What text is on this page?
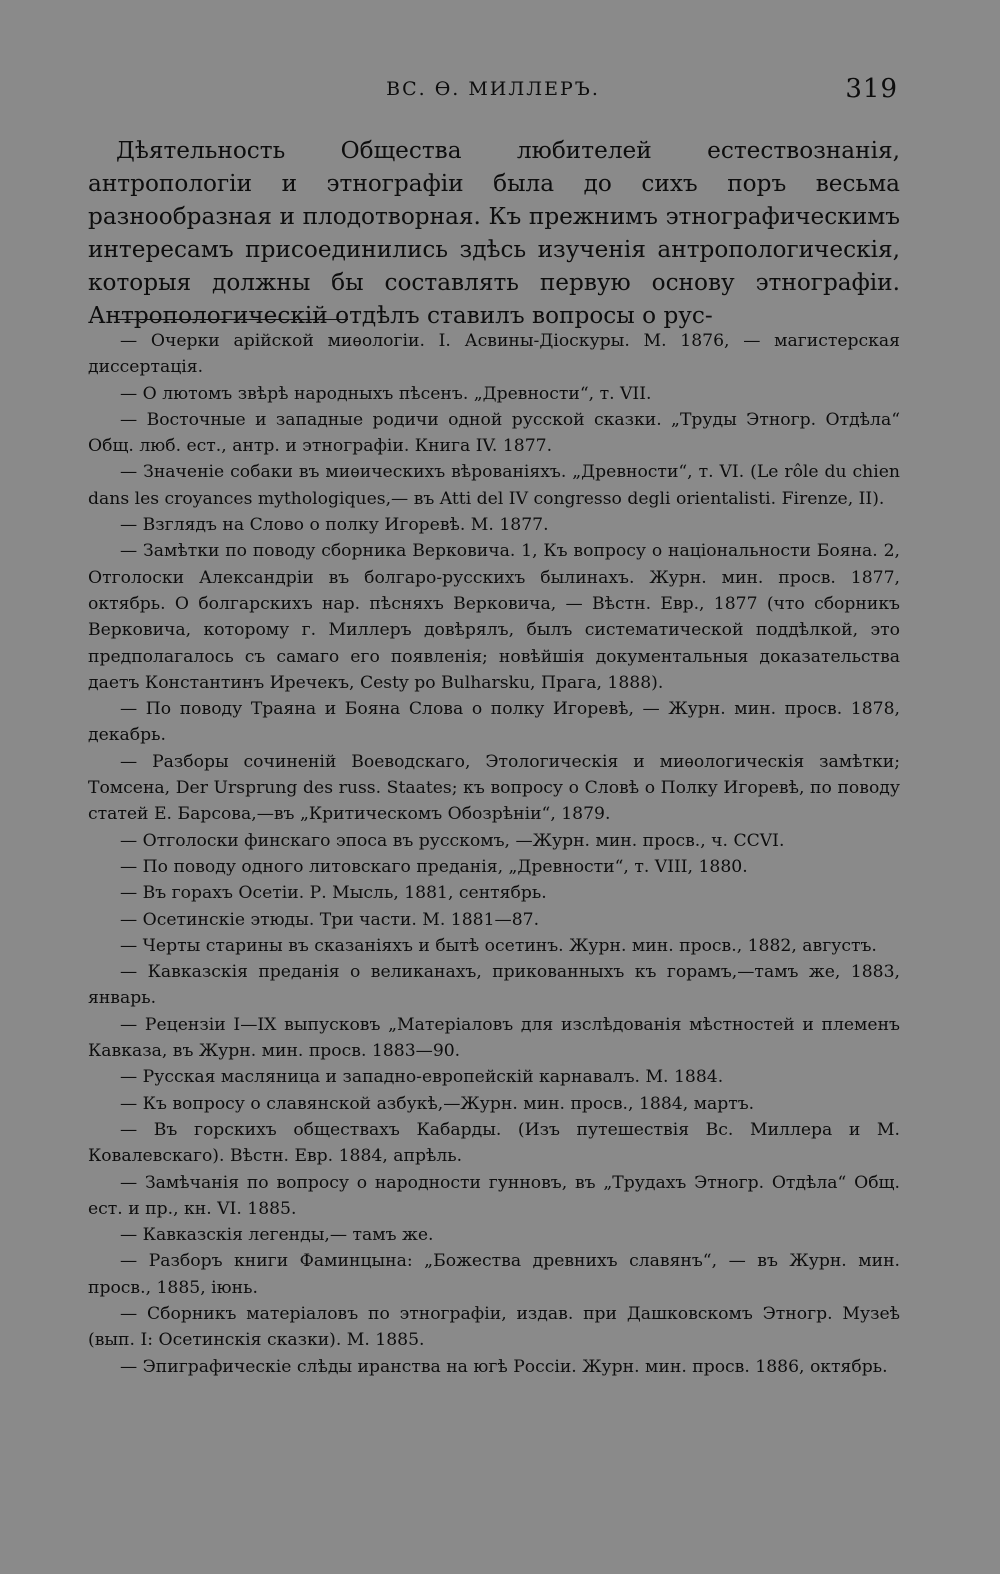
ВС. Ѳ. МИЛЛЕРЪ.	319

Дѣятельность Общества любителей естествознанія, антропологіи и этнографіи была до сихъ поръ весьма разнообразная и плодотворная. Къ прежнимъ этнографическимъ интересамъ присоединились здѣсь изученія антропологическія, которыя должны бы составлять первую основу этнографіи. Антропологическій отдѣлъ ставилъ вопросы о рус-

— Очерки арійской миѳологіи. I. Асвины-Діоскуры. М. 1876, — магистерская диссертація.

— О лютомъ звѣрѣ народныхъ пѣсенъ. „Древности“, т. VII.

— Восточные и западные родичи одной русской сказки. „Труды Этногр. Отдѣла“ Общ. люб. ест., антр. и этнографіи. Книга IV. 1877.

— Значеніе собаки въ миѳическихъ вѣрованіяхъ. „Древности“, т. VI. (Le rôle du chien dans les croyances mythologiques,— въ Atti del IV congresso degli orientalisti. Firenze, II).

— Взглядъ на Слово о полку Игоревѣ. М. 1877.

— Замѣтки по поводу сборника Верковича. 1, Къ вопросу о національности Бояна. 2, Отголоски Александріи въ болгаро-русскихъ былинахъ. Журн. мин. просв. 1877, октябрь. О болгарскихъ нар. пѣсняхъ Верковича, — Вѣстн. Евр., 1877 (что сборникъ Верковича, которому г. Миллеръ довѣрялъ, былъ систематической поддѣлкой, это предполагалось съ самаго его появленія; новѣйшія документальныя доказательства даетъ Константинъ Иречекъ, Cesty po Bulharsku, Прага, 1888).

— По поводу Траяна и Бояна Слова о полку Игоревѣ, — Журн. мин. просв. 1878, декабрь.

— Разборы сочиненій Воеводскаго, Этологическія и миѳологическія замѣтки; Томсена, Der Ursprung des russ. Staates; къ вопросу о Словѣ о Полку Игоревѣ, по поводу статей Е. Барсова,—въ „Критическомъ Обозрѣніи“, 1879.

— Отголоски финскаго эпоса въ русскомъ, —Журн. мин. просв., ч. CCVI.

— По поводу одного литовскаго преданія, „Древности“, т. VIII, 1880.

— Въ горахъ Осетіи. Р. Мысль, 1881, сентябрь.

— Осетинскіе этюды. Три части. М. 1881—87.

— Черты старины въ сказаніяхъ и бытѣ осетинъ. Журн. мин. просв., 1882, августъ.

— Кавказскія преданія о великанахъ, прикованныхъ къ горамъ,—тамъ же, 1883, январь.

— Рецензіи I—IX выпусковъ „Матеріаловъ для изслѣдованія мѣстностей и племенъ Кавказа, въ Журн. мин. просв. 1883—90.

— Русская масляница и западно-европейскій карнавалъ. М. 1884.

— Къ вопросу о славянской азбукѣ,—Журн. мин. просв., 1884, мартъ.

— Въ горскихъ обществахъ Кабарды. (Изъ путешествія Вс. Миллера и М. Ковалевскаго). Вѣстн. Евр. 1884, апрѣль.

— Замѣчанія по вопросу о народности гунновъ, въ „Трудахъ Этногр. Отдѣла“ Общ. ест. и пр., кн. VI. 1885.

— Кавказскія легенды,— тамъ же.

— Разборъ книги Фаминцына: „Божества древнихъ славянъ“, — въ Журн. мин. просв., 1885, іюнь.

— Сборникъ матеріаловъ по этнографіи, издав. при Дашковскомъ Этногр. Музеѣ (вып. I: Осетинскія сказки). М. 1885.

— Эпиграфическіе слѣды иранства на югѣ Россіи. Журн. мин. просв. 1886, октябрь.
